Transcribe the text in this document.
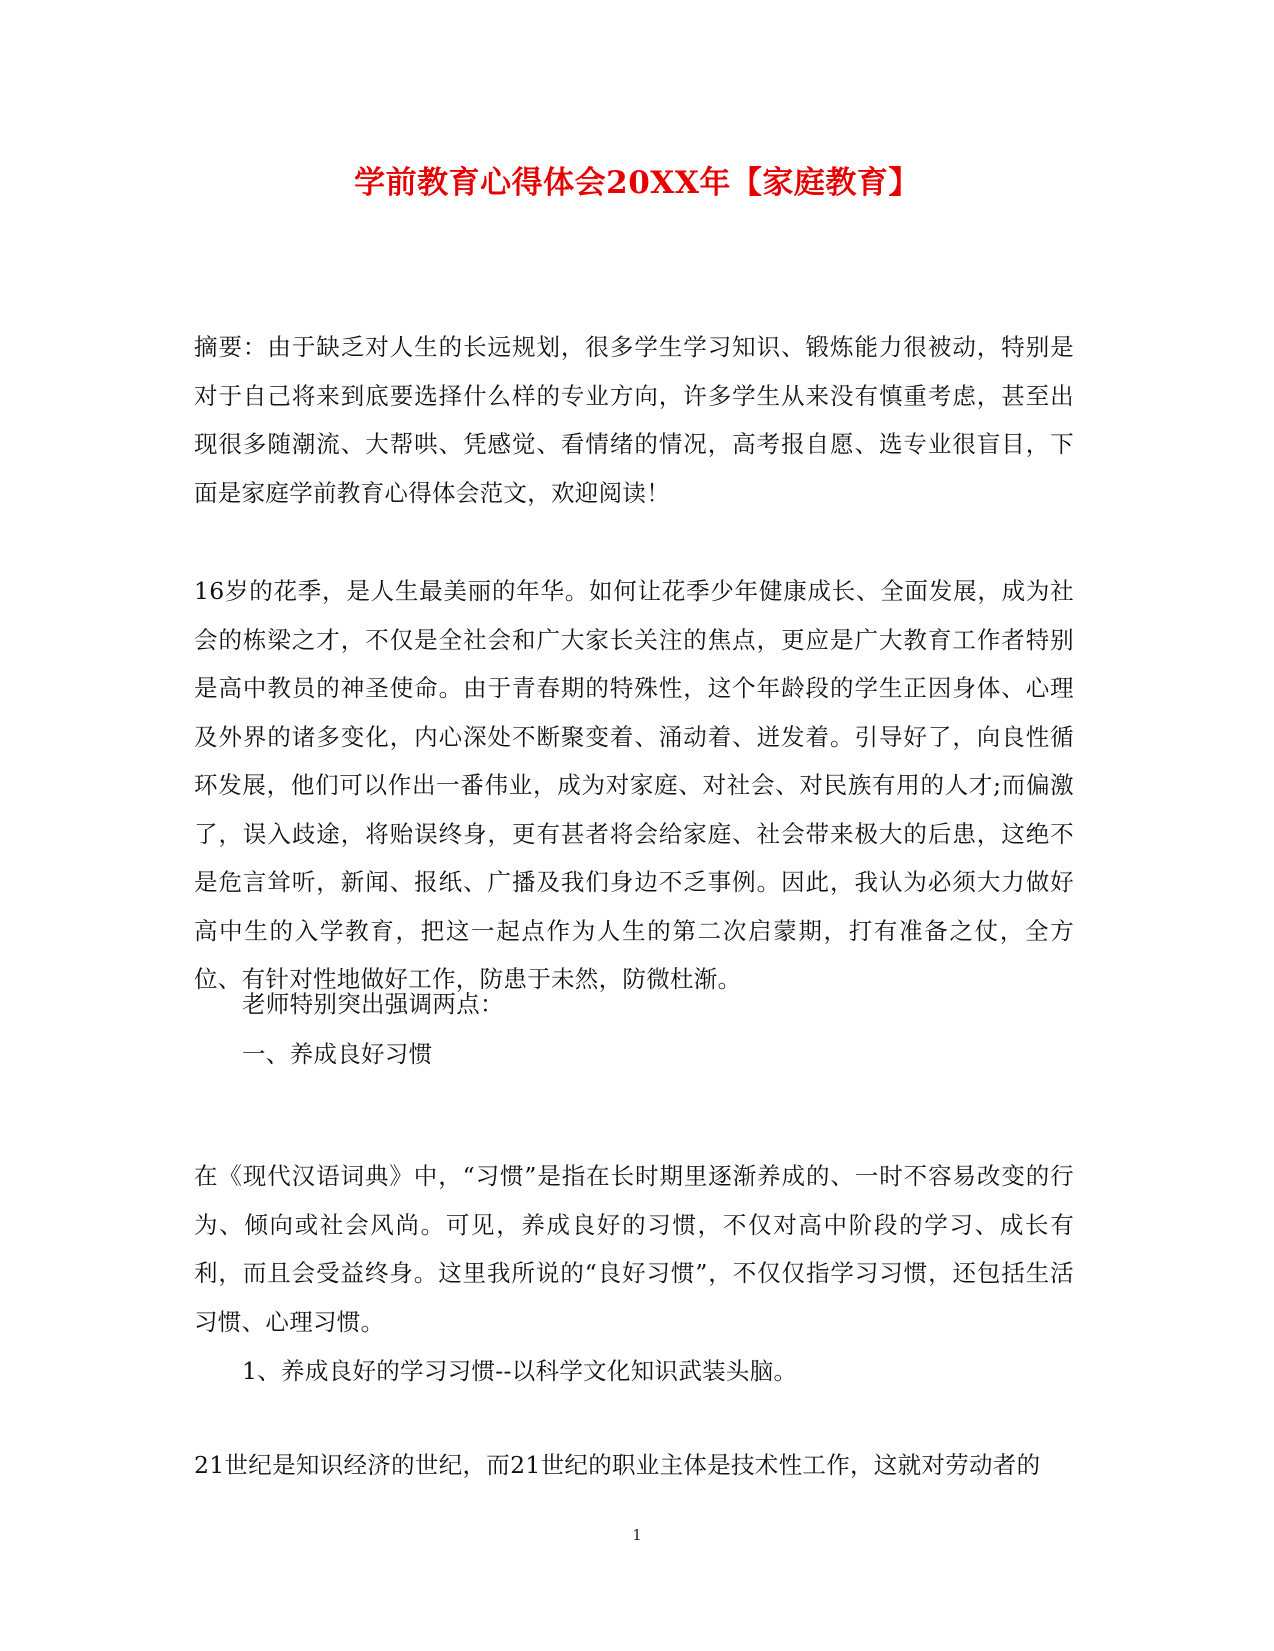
学前教育心得体会20XX年【家庭教育】

摘要：由于缺乏对人生的长远规划，很多学生学习知识、锻炼能力很被动，特别是对于自己将来到底要选择什么样的专业方向，许多学生从来没有慎重考虑，甚至出现很多随潮流、大帮哄、凭感觉、看情绪的情况，高考报自愿、选专业很盲目，下面是家庭学前教育心得体会范文，欢迎阅读！

16岁的花季，是人生最美丽的年华。如何让花季少年健康成长、全面发展，成为社会的栋梁之才，不仅是全社会和广大家长关注的焦点，更应是广大教育工作者特别是高中教员的神圣使命。由于青春期的特殊性，这个年龄段的学生正因身体、心理及外界的诸多变化，内心深处不断聚变着、涌动着、迸发着。引导好了，向良性循环发展，他们可以作出一番伟业，成为对家庭、对社会、对民族有用的人才;而偏激了，误入歧途，将贻误终身，更有甚者将会给家庭、社会带来极大的后患，这绝不是危言耸听，新闻、报纸、广播及我们身边不乏事例。因此，我认为必须大力做好高中生的入学教育，把这一起点作为人生的第二次启蒙期，打有准备之仗，全方位、有针对性地做好工作，防患于未然，防微杜渐。

老师特别突出强调两点：

一、养成良好习惯

在《现代汉语词典》中，“习惯”是指在长时期里逐渐养成的、一时不容易改变的行为、倾向或社会风尚。可见，养成良好的习惯，不仅对高中阶段的学习、成长有利，而且会受益终身。这里我所说的“良好习惯”，不仅仅指学习习惯，还包括生活习惯、心理习惯。

1、养成良好的学习习惯--以科学文化知识武装头脑。

21世纪是知识经济的世纪，而21世纪的职业主体是技术性工作，这就对劳动者的

1
